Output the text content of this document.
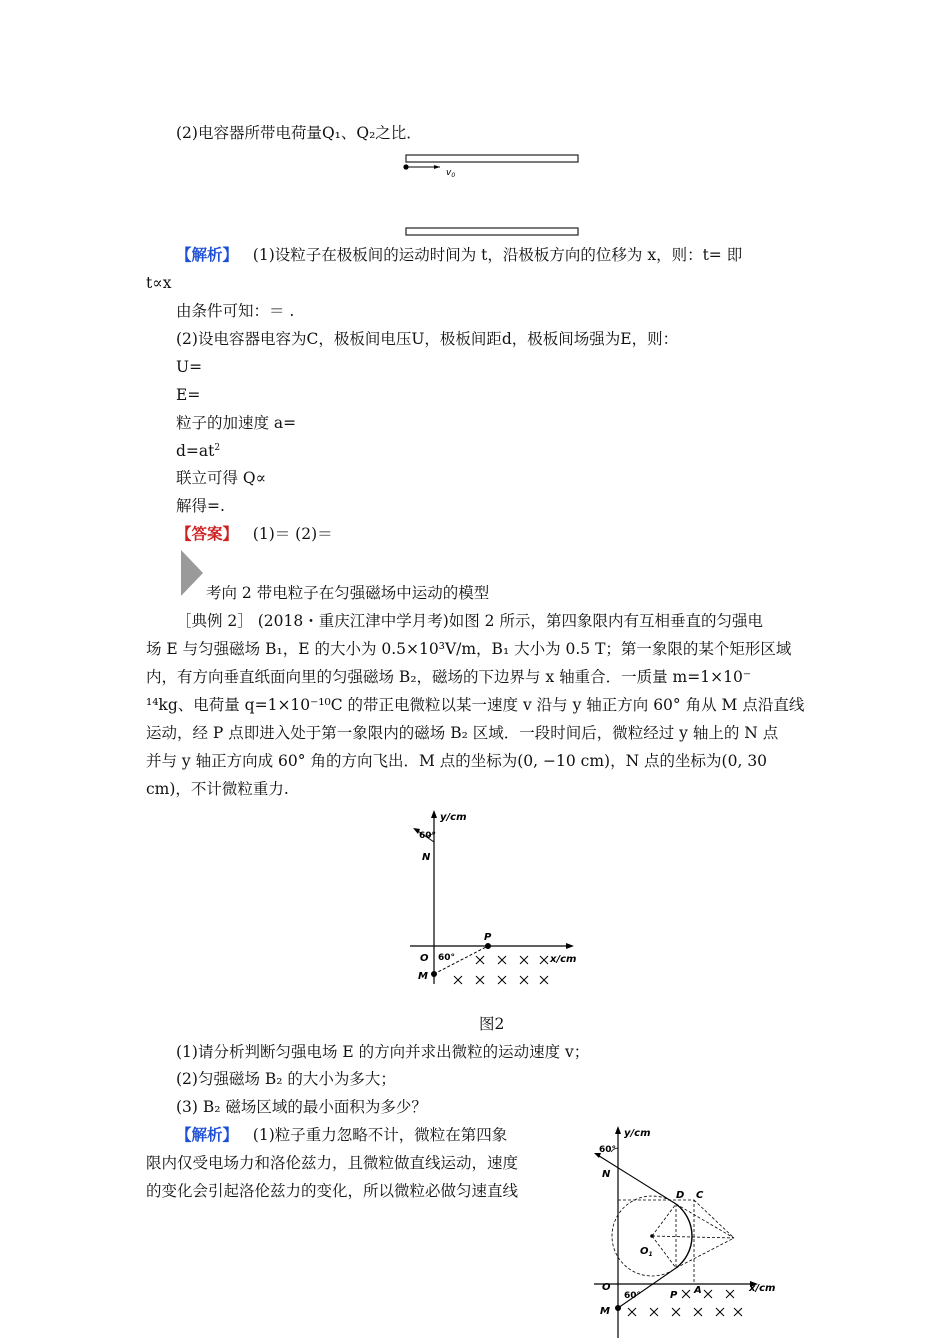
(2)电容器所带电荷量Q₁、Q₂之比．
$v_0$
【解析】 (1)设粒子在极板间的运动时间为 t，沿极板方向的位移为 x，则：t= 即
t∝x
由条件可知：＝ .
(2)设电容器电容为C，极板间电压U，极板间距d，极板间场强为E，则：
U=
E=
粒子的加速度 a=
$d=at^2$
联立可得 Q∝
解得=.
【答案】 (1)＝ (2)＝
考向 2 带电粒子在匀强磁场中运动的模型
［典例 2］ (2018・重庆江津中学月考)如图 2 所示，第四象限内有互相垂直的匀强电
场 E 与匀强磁场 B₁，E 的大小为 0.5×10³V/m，B₁ 大小为 0.5 T；第一象限的某个矩形区域
内，有方向垂直纸面向里的匀强磁场 B₂，磁场的下边界与 x 轴重合．一质量 m=1×10⁻
¹⁴kg、电荷量 q=1×10⁻¹⁰C 的带正电微粒以某一速度 v 沿与 y 轴正方向 60° 角从 M 点沿直线
运动，经 P 点即进入处于第一象限内的磁场 B₂ 区域．一段时间后，微粒经过 y 轴上的 N 点
并与 y 轴正方向成 60° 角的方向飞出．M 点的坐标为(0, −10 cm)，N 点的坐标为(0, 30
cm)，不计微粒重力.
y/cm
x/cm
60°
N
P
O
M
60°
图2
(1)请分析判断匀强电场 E 的方向并求出微粒的运动速度 v；
(2)匀强磁场 B₂ 的大小为多大；
(3) B₂ 磁场区域的最小面积为多少？
【解析】 (1)粒子重力忽略不计，微粒在第四象
限内仅受电场力和洛伦兹力，且微粒做直线运动，速度
的变化会引起洛伦兹力的变化，所以微粒必做匀速直线
y/cm
x/cm
60°
N
D C
$O_1$
O
60°	P A
M
